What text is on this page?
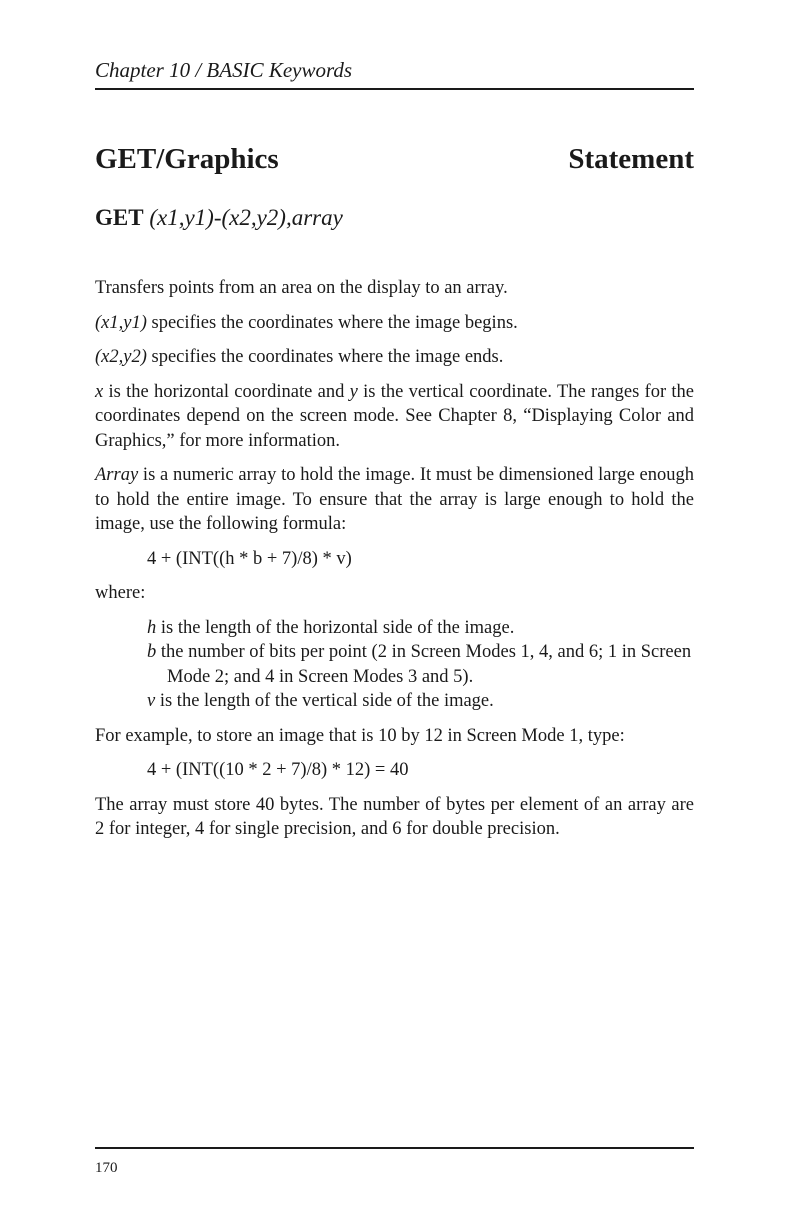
Chapter 10 / BASIC Keywords
GET/Graphics	Statement
GET (x1,y1)-(x2,y2),array

Transfers points from an area on the display to an array.

(x1,y1) specifies the coordinates where the image begins.

(x2,y2) specifies the coordinates where the image ends.

x is the horizontal coordinate and y is the vertical coordinate. The ranges for the coordinates depend on the screen mode. See Chapter 8, “Displaying Color and Graphics,” for more information.

Array is a numeric array to hold the image. It must be dimensioned large enough to hold the entire image. To ensure that the array is large enough to hold the image, use the following formula:

4 + (INT((h * b + 7)/8) * v)

where:

h is the length of the horizontal side of the image.

b the number of bits per point (2 in Screen Modes 1, 4, and 6; 1 in Screen Mode 2; and 4 in Screen Modes 3 and 5).

v is the length of the vertical side of the image.

For example, to store an image that is 10 by 12 in Screen Mode 1, type:

4 + (INT((10 * 2 + 7)/8) * 12) = 40

The array must store 40 bytes. The number of bytes per element of an array are 2 for integer, 4 for single precision, and 6 for double precision.

170
